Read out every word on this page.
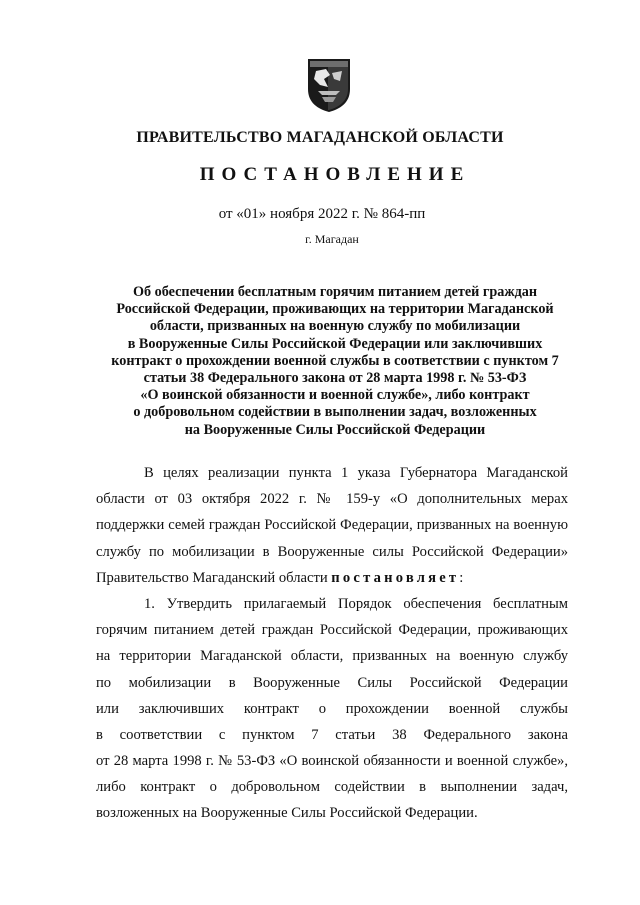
ПРАВИТЕЛЬСТВО МАГАДАНСКОЙ ОБЛАСТИ
ПОСТАНОВЛЕНИЕ
от «01» ноября 2022 г. № 864-пп
г. Магадан
Об обеспечении бесплатным горячим питанием детей граждан
Российской Федерации, проживающих на территории Магаданской
области, призванных на военную службу по мобилизации
в Вооруженные Силы Российской Федерации или заключивших
контракт о прохождении военной службы в соответствии с пунктом 7
статьи 38 Федерального закона от 28 марта 1998 г. № 53-ФЗ
«О воинской обязанности и военной службе», либо контракт
о добровольном содействии в выполнении задач, возложенных
на Вооруженные Силы Российской Федерации
В целях реализации пункта 1 указа Губернатора Магаданской
области от 03 октября 2022 г. № 159-у «О дополнительных мерах
поддержки семей граждан Российской Федерации, призванных на военную
службу по мобилизации в Вооруженные силы Российской Федерации»
Правительство Магаданский области постановляет:
1. Утвердить прилагаемый Порядок обеспечения бесплатным
горячим питанием детей граждан Российской Федерации, проживающих
на территории Магаданской области, призванных на военную службу
по мобилизации в Вооруженные Силы Российской Федерации
или заключивших контракт о прохождении военной службы
в соответствии с пунктом 7 статьи 38 Федерального закона
от 28 марта 1998 г. № 53-ФЗ «О воинской обязанности и военной службе»,
либо контракт о добровольном содействии в выполнении задач,
возложенных на Вооруженные Силы Российской Федерации.
